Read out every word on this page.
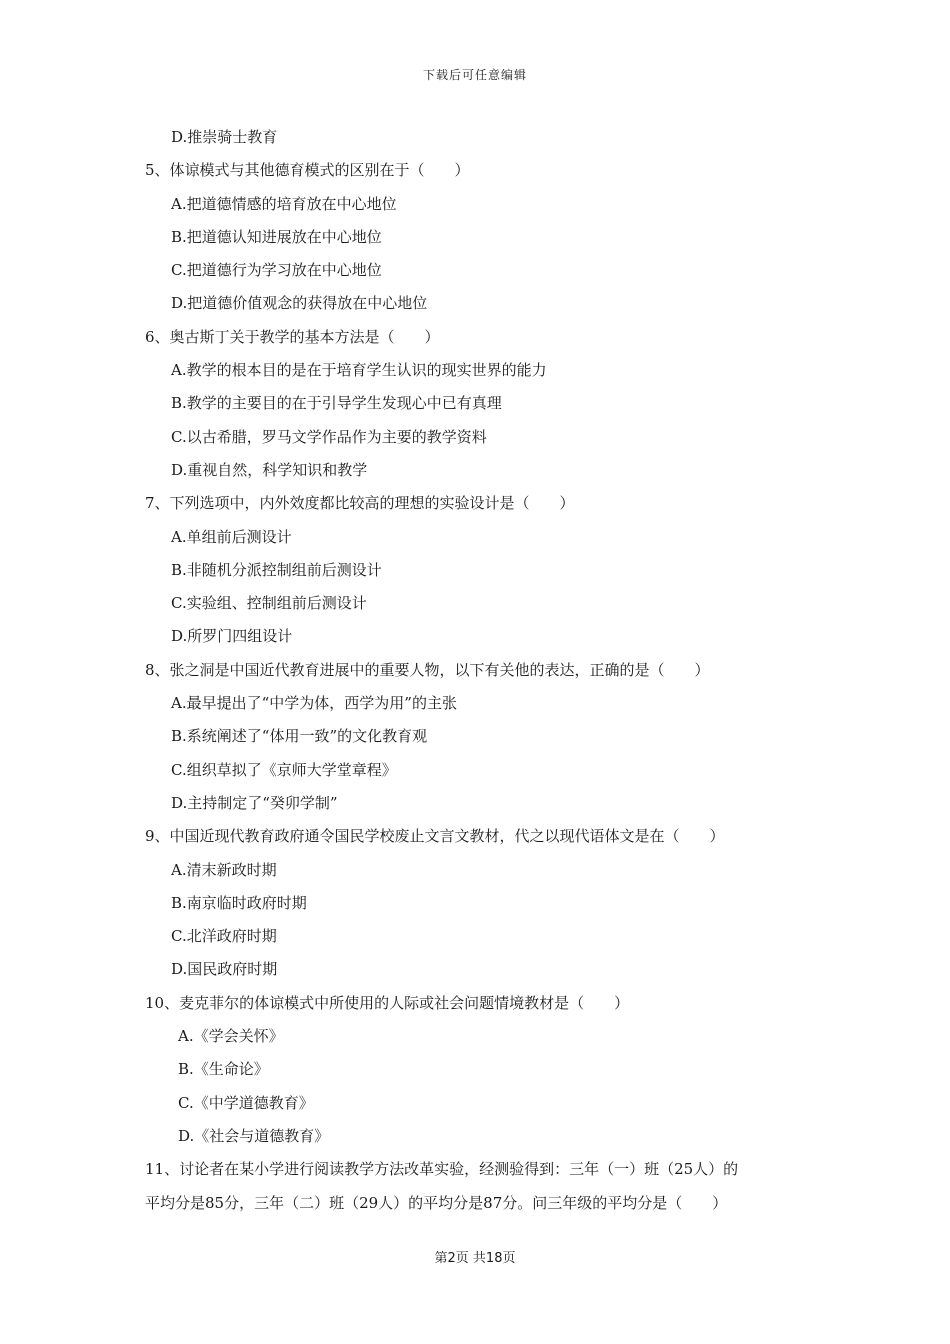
下载后可任意编辑
D.推崇骑士教育
5、体谅模式与其他德育模式的区别在于（　　）
A.把道德情感的培育放在中心地位
B.把道德认知进展放在中心地位
C.把道德行为学习放在中心地位
D.把道德价值观念的获得放在中心地位
6、奥古斯丁关于教学的基本方法是（　　）
A.教学的根本目的是在于培育学生认识的现实世界的能力
B.教学的主要目的在于引导学生发现心中已有真理
C.以古希腊，罗马文学作品作为主要的教学资料
D.重视自然，科学知识和教学
7、下列选项中，内外效度都比较高的理想的实验设计是（　　）
A.单组前后测设计
B.非随机分派控制组前后测设计
C.实验组、控制组前后测设计
D.所罗门四组设计
8、张之洞是中国近代教育进展中的重要人物，以下有关他的表达，正确的是（　　）
A.最早提出了“中学为体，西学为用”的主张
B.系统阐述了“体用一致”的文化教育观
C.组织草拟了《京师大学堂章程》
D.主持制定了“癸卯学制”
9、中国近现代教育政府通令国民学校废止文言文教材，代之以现代语体文是在（　　）
A.清末新政时期
B.南京临时政府时期
C.北洋政府时期
D.国民政府时期
10、麦克菲尔的体谅模式中所使用的人际或社会问题情境教材是（　　）
A.《学会关怀》
B.《生命论》
C.《中学道德教育》
D.《社会与道德教育》
11、讨论者在某小学进行阅读教学方法改革实验，经测验得到：三年（一）班（25人）的
平均分是85分，三年（二）班（29人）的平均分是87分。问三年级的平均分是（　　）
第2页 共18页
